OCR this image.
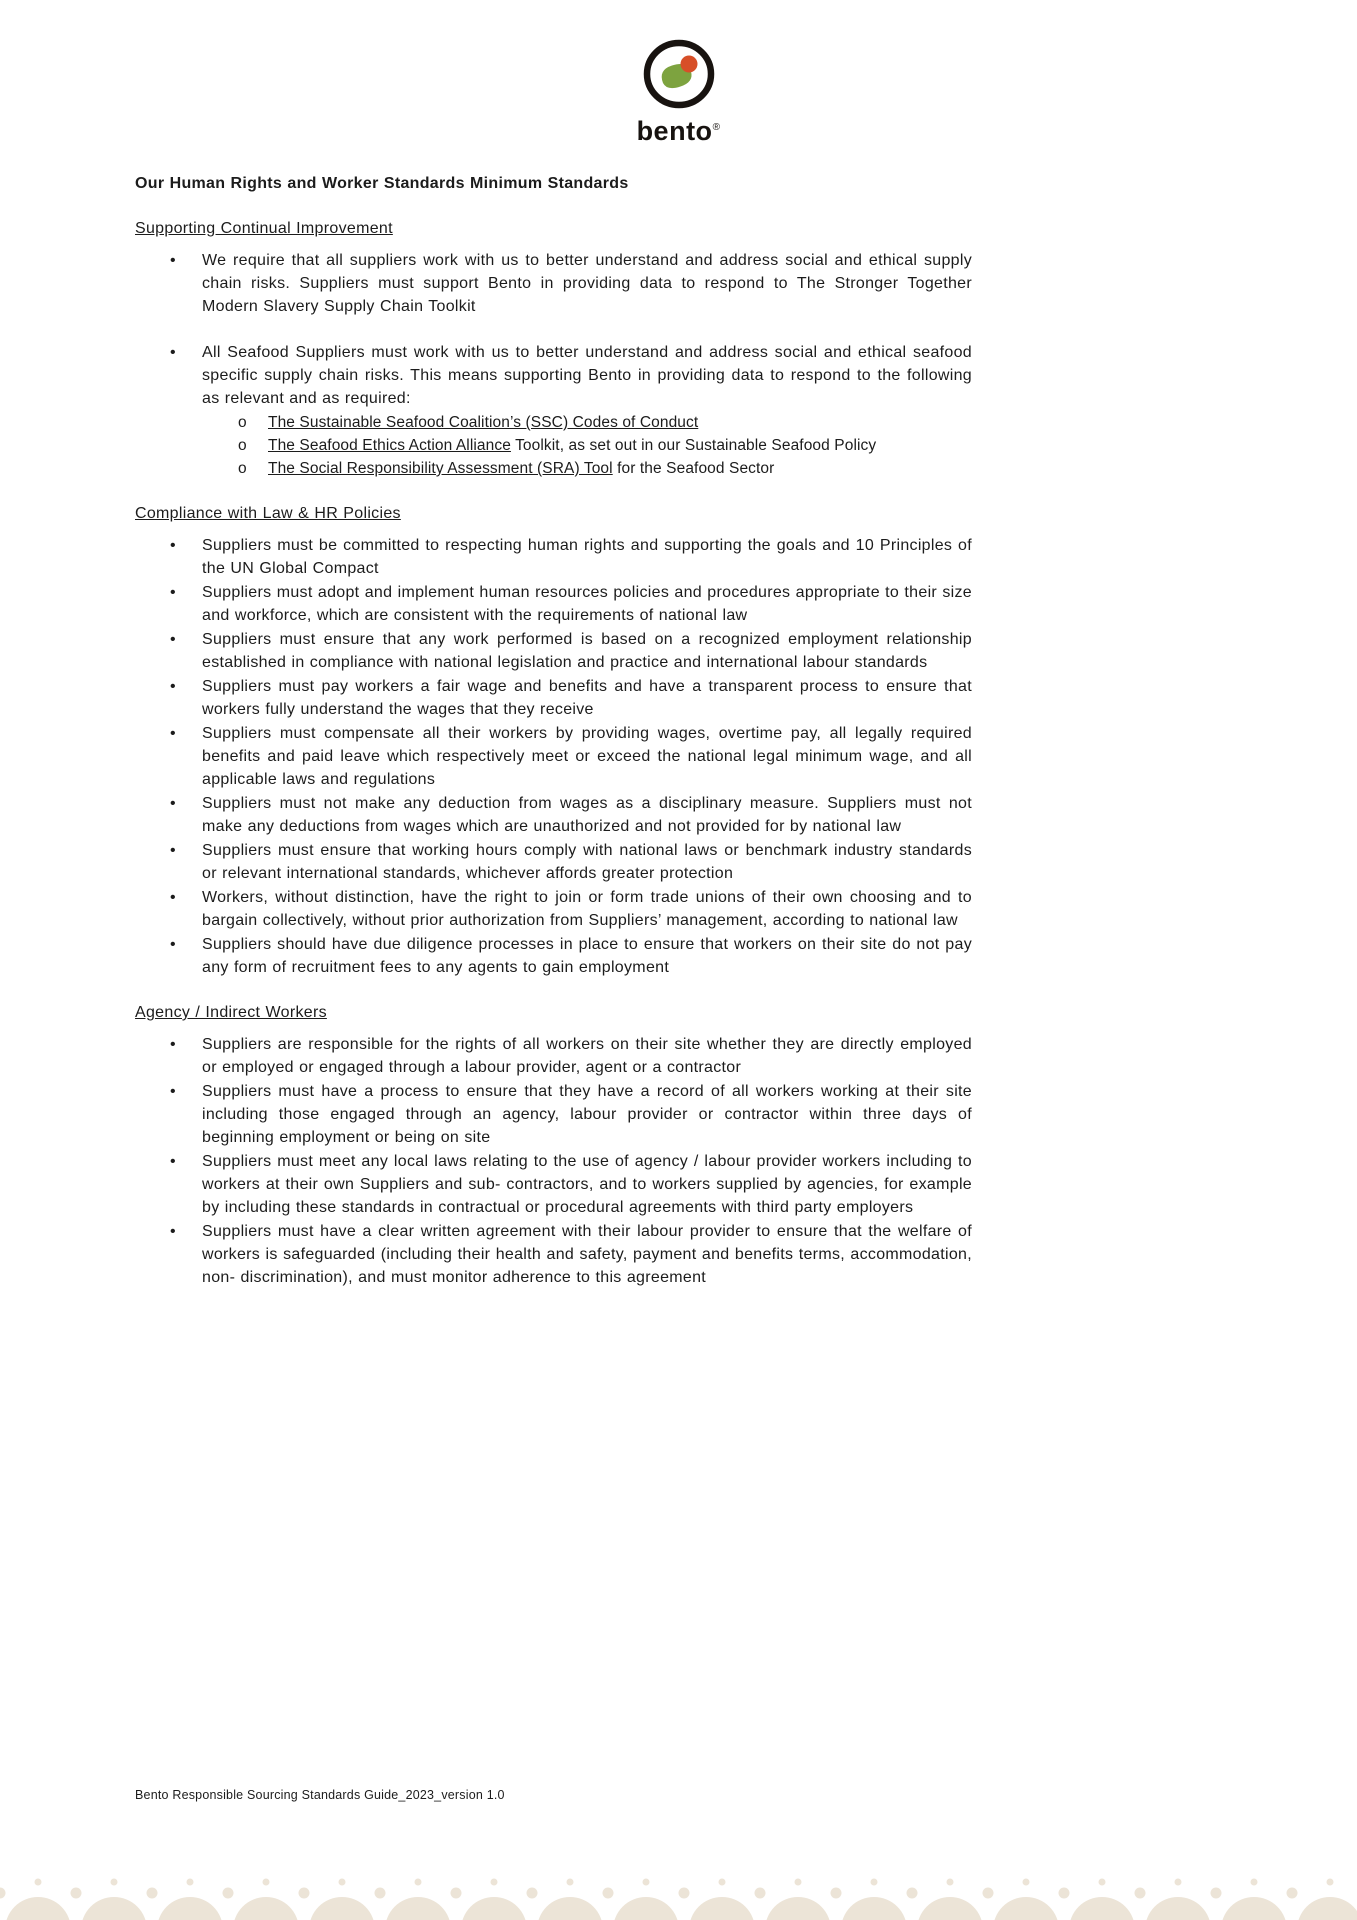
bento®
Our Human Rights and Worker Standards Minimum Standards
Supporting Continual Improvement
•	We require that all suppliers work with us to better understand and address social and ethical supply chain risks. Suppliers must support Bento in providing data to respond to The Stronger Together Modern Slavery Supply Chain Toolkit
•	All Seafood Suppliers must work with us to better understand and address social and ethical seafood specific supply chain risks. This means supporting Bento in providing data to respond to the following as relevant and as required:
o	The Sustainable Seafood Coalition’s (SSC) Codes of Conduct
o	The Seafood Ethics Action Alliance Toolkit, as set out in our Sustainable Seafood Policy
o	The Social Responsibility Assessment (SRA) Tool for the Seafood Sector
Compliance with Law & HR Policies
•	Suppliers must be committed to respecting human rights and supporting the goals and 10 Principles of the UN Global Compact
•	Suppliers must adopt and implement human resources policies and procedures appropriate to their size and workforce, which are consistent with the requirements of national law
•	Suppliers must ensure that any work performed is based on a recognized employment relationship established in compliance with national legislation and practice and international labour standards
•	Suppliers must pay workers a fair wage and benefits and have a transparent process to ensure that workers fully understand the wages that they receive
•	Suppliers must compensate all their workers by providing wages, overtime pay, all legally required benefits and paid leave which respectively meet or exceed the national legal minimum wage, and all applicable laws and regulations
•	Suppliers must not make any deduction from wages as a disciplinary measure. Suppliers must not make any deductions from wages which are unauthorized and not provided for by national law
•	Suppliers must ensure that working hours comply with national laws or benchmark industry standards or relevant international standards, whichever affords greater protection
•	Workers, without distinction, have the right to join or form trade unions of their own choosing and to bargain collectively, without prior authorization from Suppliers’ management, according to national law
•	Suppliers should have due diligence processes in place to ensure that workers on their site do not pay any form of recruitment fees to any agents to gain employment
Agency / Indirect Workers
•	Suppliers are responsible for the rights of all workers on their site whether they are directly employed or employed or engaged through a labour provider, agent or a contractor
•	Suppliers must have a process to ensure that they have a record of all workers working at their site including those engaged through an agency, labour provider or contractor within three days of beginning employment or being on site
•	Suppliers must meet any local laws relating to the use of agency / labour provider workers including to workers at their own Suppliers and sub- contractors, and to workers supplied by agencies, for example by including these standards in contractual or procedural agreements with third party employers
•	Suppliers must have a clear written agreement with their labour provider to ensure that the welfare of workers is safeguarded (including their health and safety, payment and benefits terms, accommodation, non- discrimination), and must monitor adherence to this agreement
Bento Responsible Sourcing Standards Guide_2023_version 1.0
